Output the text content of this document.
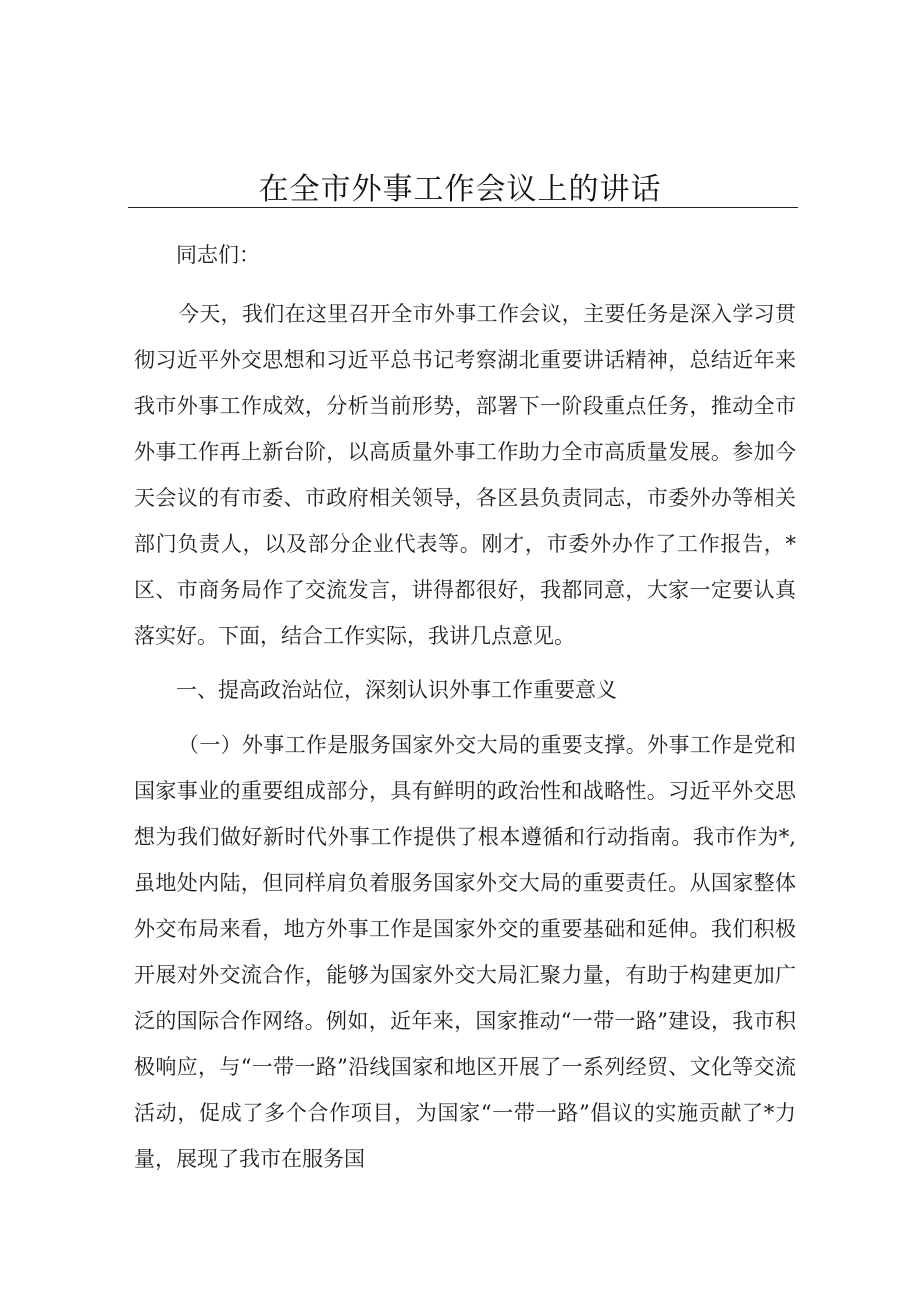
在全市外事工作会议上的讲话

同志们：

今天，我们在这里召开全市外事工作会议，主要任务是深入学习贯彻习近平外交思想和习近平总书记考察湖北重要讲话精神，总结近年来我市外事工作成效，分析当前形势，部署下一阶段重点任务，推动全市外事工作再上新台阶，以高质量外事工作助力全市高质量发展。参加今天会议的有市委、市政府相关领导，各区县负责同志，市委外办等相关部门负责人，以及部分企业代表等。刚才，市委外办作了工作报告，*区、市商务局作了交流发言，讲得都很好，我都同意，大家一定要认真落实好。下面，结合工作实际，我讲几点意见。

一、提高政治站位，深刻认识外事工作重要意义

（一）外事工作是服务国家外交大局的重要支撑。外事工作是党和国家事业的重要组成部分，具有鲜明的政治性和战略性。习近平外交思想为我们做好新时代外事工作提供了根本遵循和行动指南。我市作为*,虽地处内陆，但同样肩负着服务国家外交大局的重要责任。从国家整体外交布局来看，地方外事工作是国家外交的重要基础和延伸。我们积极开展对外交流合作，能够为国家外交大局汇聚力量，有助于构建更加广泛的国际合作网络。例如，近年来，国家推动“一带一路”建设，我市积极响应，与“一带一路”沿线国家和地区开展了一系列经贸、文化等交流活动，促成了多个合作项目，为国家“一带一路”倡议的实施贡献了*力量，展现了我市在服务国
